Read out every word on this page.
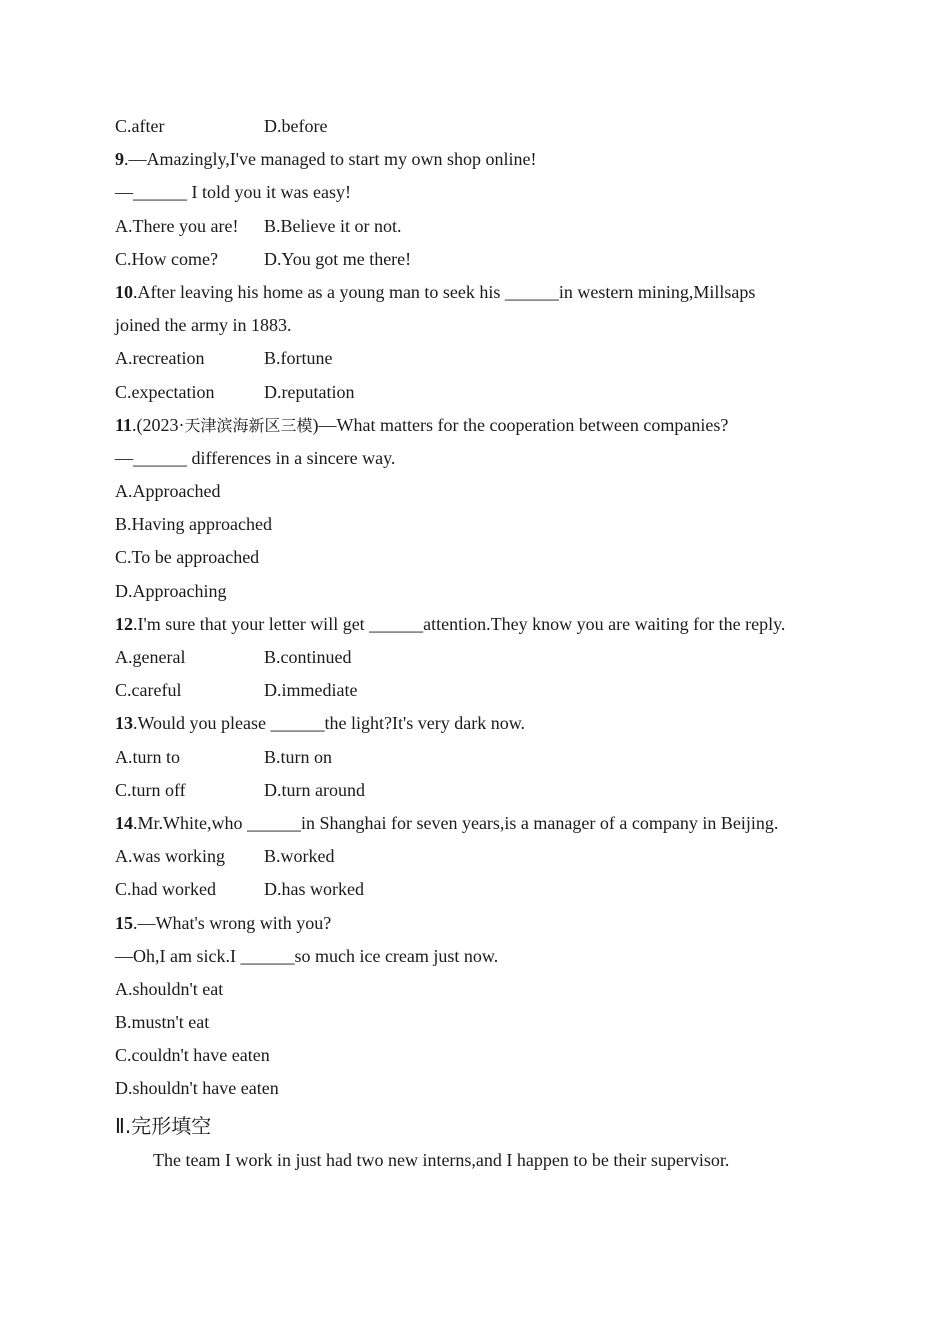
C.after	D.before
9.—Amazingly,I've managed to start my own shop online!
—______ I told you it was easy!
A.There you are!	B.Believe it or not.
C.How come?	D.You got me there!
10.After leaving his home as a young man to seek his ______in western mining,Millsaps
joined the army in 1883.
A.recreation	B.fortune
C.expectation	D.reputation
11.(2023·天津滨海新区三模)—What matters for the cooperation between companies?
—______ differences in a sincere way.
A.Approached
B.Having approached
C.To be approached
D.Approaching
12.I'm sure that your letter will get ______attention.They know you are waiting for the reply.
A.general	B.continued
C.careful	D.immediate
13.Would you please ______the light?It's very dark now.
A.turn to	B.turn on
C.turn off	D.turn around
14.Mr.White,who ______in Shanghai for seven years,is a manager of a company in Beijing.
A.was working	B.worked
C.had worked	D.has worked
15.—What's wrong with you?
—Oh,I am sick.I ______so much ice cream just now.
A.shouldn't eat
B.mustn't eat
C.couldn't have eaten
D.shouldn't have eaten
Ⅱ.完形填空
The team I work in just had two new interns,and I happen to be their supervisor.
